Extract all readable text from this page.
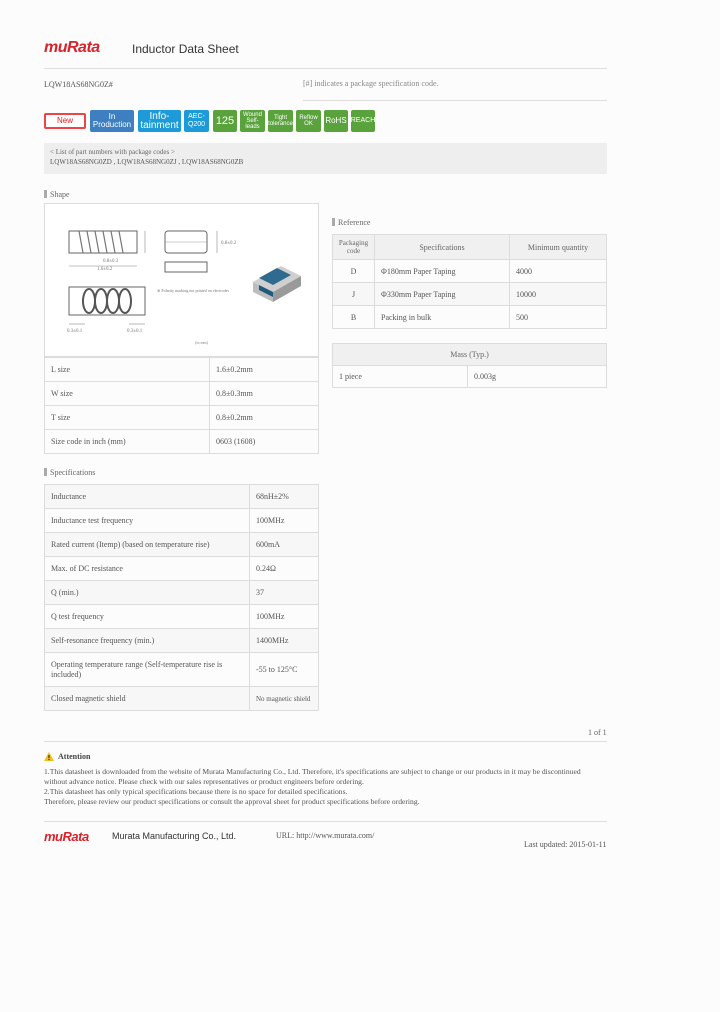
muRata	Inductor Data Sheet
LQW18AS68NG0Z#	[#] indicates a package specification code.
New	In Production
Info-tainment
AEC-Q200 125	Wound Self-leads
Tight tolerance
Reflow OK	RoHS REACH
< List of part numbers with package codes >
LQW18AS68NG0ZD , LQW18AS68NG0ZJ , LQW18AS68NG0ZB
Shape
1.6±0.2
0.8±0.2
0.3±0.1	0.3±0.1
※ Polarity marking not printed on electrodes
0.8±0.3
(in mm)
L size	1.6±0.2mm
W size	0.8±0.3mm
T size	0.8±0.2mm
Size code in inch (mm)	0603 (1608)
Reference
Packaging code	Specifications	Minimum quantity
D	Φ180mm Paper Taping	4000
J	Φ330mm Paper Taping	10000
B	Packing in bulk	500
Mass (Typ.)
1 piece	0.003g
Specifications
Inductance	68nH±2%
Inductance test frequency	100MHz
Rated current (Itemp) (based on temperature rise)	600mA
Max. of DC resistance	0.24Ω
Q (min.)	37
Q test frequency	100MHz
Self-resonance frequency (min.)	1400MHz
Operating temperature range (Self-temperature rise is included)	-55 to 125°C
Closed magnetic shield	No magnetic shield
1 of 1
Attention
1.This datasheet is downloaded from the website of Murata Manufacturing Co., Ltd. Therefore, it's specifications are subject to change or our products in it may be discontinued
without advance notice. Please check with our sales representatives or product engineers before ordering.
2.This datasheet has only typical specifications because there is no space for detailed specifications.
Therefore, please review our product specifications or consult the approval sheet for product specifications before ordering.
muRata	Murata Manufacturing Co., Ltd.	URL: http://www.murata.com/
Last updated: 2015-01-11
